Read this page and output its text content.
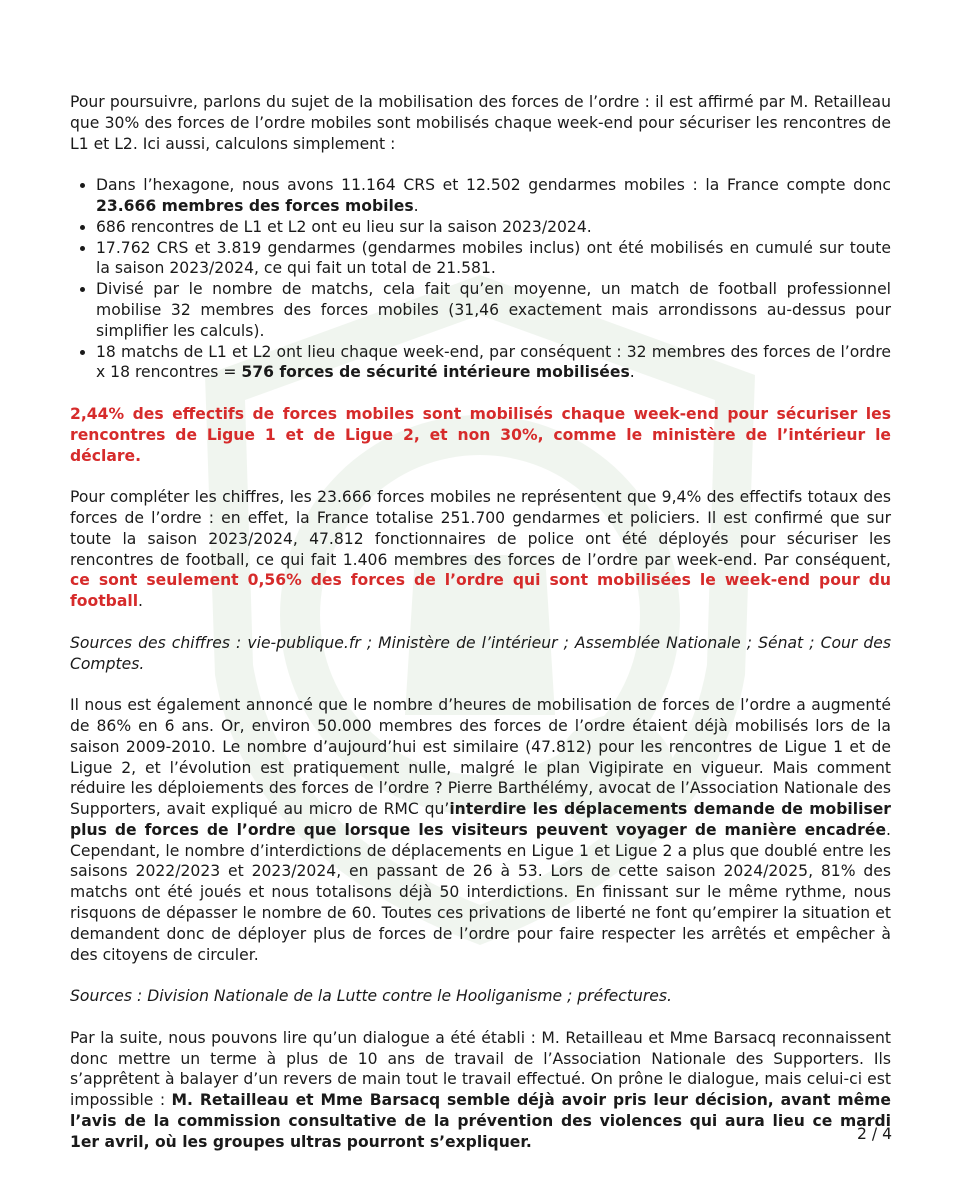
Pour poursuivre, parlons du sujet de la mobilisation des forces de l’ordre : il est affirmé par M. Retailleau que 30% des forces de l’ordre mobiles sont mobilisés chaque week-end pour sécuriser les rencontres de L1 et L2. Ici aussi, calculons simplement :

• Dans l’hexagone, nous avons 11.164 CRS et 12.502 gendarmes mobiles : la France compte donc 23.666 membres des forces mobiles.
• 686 rencontres de L1 et L2 ont eu lieu sur la saison 2023/2024.
• 17.762 CRS et 3.819 gendarmes (gendarmes mobiles inclus) ont été mobilisés en cumulé sur toute la saison 2023/2024, ce qui fait un total de 21.581.
• Divisé par le nombre de matchs, cela fait qu’en moyenne, un match de football professionnel mobilise 32 membres des forces mobiles (31,46 exactement mais arrondissons au-dessus pour simplifier les calculs).
• 18 matchs de L1 et L2 ont lieu chaque week-end, par conséquent : 32 membres des forces de l’ordre x 18 rencontres = 576 forces de sécurité intérieure mobilisées.

2,44% des effectifs de forces mobiles sont mobilisés chaque week-end pour sécuriser les rencontres de Ligue 1 et de Ligue 2, et non 30%, comme le ministère de l’intérieur le déclare.

Pour compléter les chiffres, les 23.666 forces mobiles ne représentent que 9,4% des effectifs totaux des forces de l’ordre : en effet, la France totalise 251.700 gendarmes et policiers. Il est confirmé que sur toute la saison 2023/2024, 47.812 fonctionnaires de police ont été déployés pour sécuriser les rencontres de football, ce qui fait 1.406 membres des forces de l’ordre par week-end. Par conséquent, ce sont seulement 0,56% des forces de l’ordre qui sont mobilisées le week-end pour du football.

Sources des chiffres : vie-publique.fr ; Ministère de l’intérieur ; Assemblée Nationale ; Sénat ; Cour des Comptes.

Il nous est également annoncé que le nombre d’heures de mobilisation de forces de l’ordre a augmenté de 86% en 6 ans. Or, environ 50.000 membres des forces de l’ordre étaient déjà mobilisés lors de la saison 2009-2010. Le nombre d’aujourd’hui est similaire (47.812) pour les rencontres de Ligue 1 et de Ligue 2, et l’évolution est pratiquement nulle, malgré le plan Vigipirate en vigueur. Mais comment réduire les déploiements des forces de l’ordre ? Pierre Barthélémy, avocat de l’Association Nationale des Supporters, avait expliqué au micro de RMC qu’interdire les déplacements demande de mobiliser plus de forces de l’ordre que lorsque les visiteurs peuvent voyager de manière encadrée. Cependant, le nombre d’interdictions de déplacements en Ligue 1 et Ligue 2 a plus que doublé entre les saisons 2022/2023 et 2023/2024, en passant de 26 à 53. Lors de cette saison 2024/2025, 81% des matchs ont été joués et nous totalisons déjà 50 interdictions. En finissant sur le même rythme, nous risquons de dépasser le nombre de 60. Toutes ces privations de liberté ne font qu’empirer la situation et demandent donc de déployer plus de forces de l’ordre pour faire respecter les arrêtés et empêcher à des citoyens de circuler.

Sources : Division Nationale de la Lutte contre le Hooliganisme ; préfectures.

Par la suite, nous pouvons lire qu’un dialogue a été établi : M. Retailleau et Mme Barsacq reconnaissent donc mettre un terme à plus de 10 ans de travail de l’Association Nationale des Supporters. Ils s’apprêtent à balayer d’un revers de main tout le travail effectué. On prône le dialogue, mais celui-ci est impossible : M. Retailleau et Mme Barsacq semble déjà avoir pris leur décision, avant même l’avis de la commission consultative de la prévention des violences qui aura lieu ce mardi 1er avril, où les groupes ultras pourront s’expliquer.	2 / 4
